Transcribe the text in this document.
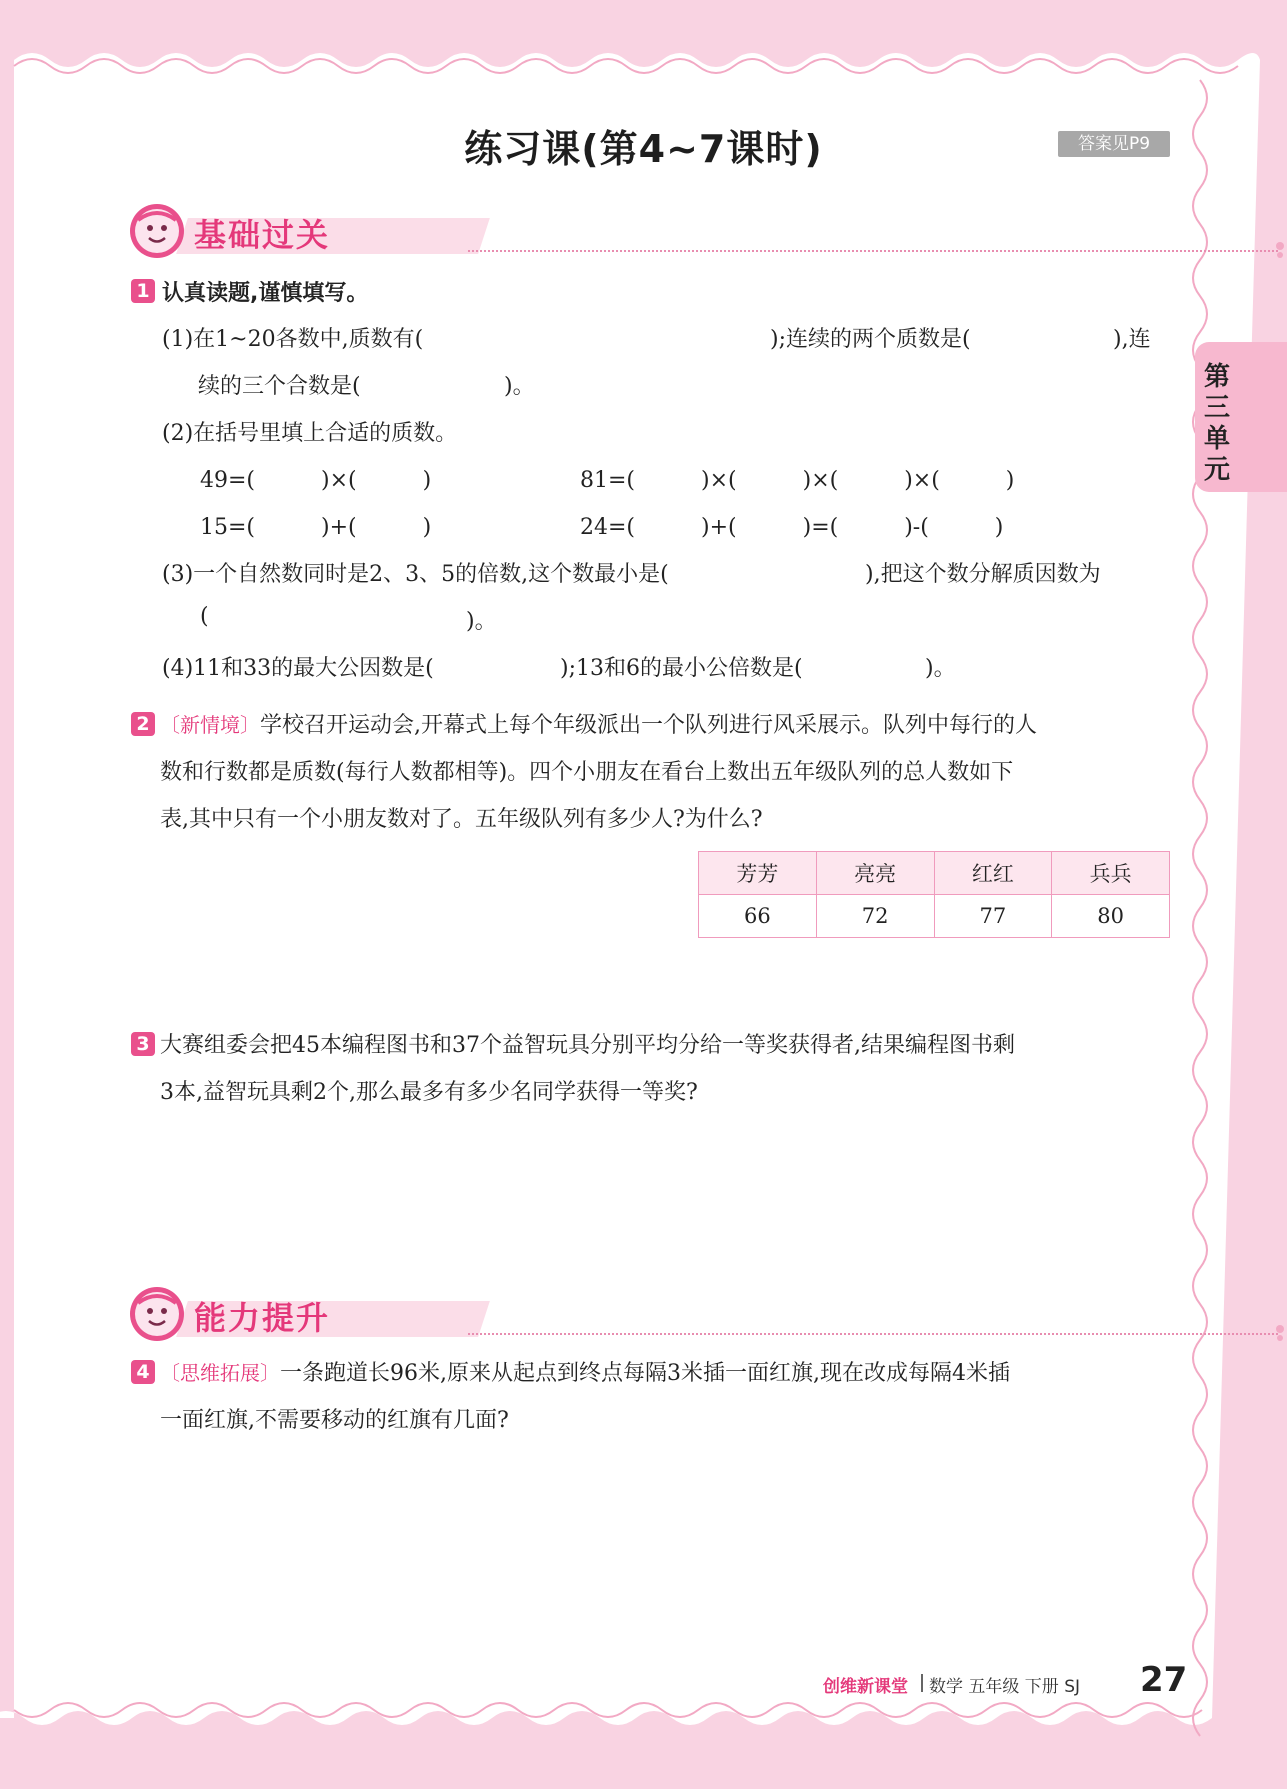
练习课(第4~7课时)	答案见P9
第三单元
基础过关
1 认真读题,谨慎填写。
(1)在1~20各数中,质数有(	);连续的两个质数是(	),连
续的三个合数是(	)。
(2)在括号里填上合适的质数。
49=(　　　)×(　　　)	81=(　　　)×(　　　)×(　　　)×(　　　)
15=(　　　)+(　　　)	24=(　　　)+(　　　)=(　　　)-(　　　)
(3)一个自然数同时是2、3、5的倍数,这个数最小是(	),把这个数分解质因数为
(	)。
(4)11和33的最大公因数是(	);13和6的最小公倍数是(	)。
2 〔新情境〕学校召开运动会,开幕式上每个年级派出一个队列进行风采展示。队列中每行的人
数和行数都是质数(每行人数都相等)。四个小朋友在看台上数出五年级队列的总人数如下
表,其中只有一个小朋友数对了。五年级队列有多少人?为什么?
芳芳	亮亮	红红	兵兵
66	72	77	80
3 大赛组委会把45本编程图书和37个益智玩具分别平均分给一等奖获得者,结果编程图书剩
3本,益智玩具剩2个,那么最多有多少名同学获得一等奖?
能力提升
4 〔思维拓展〕一条跑道长96米,原来从起点到终点每隔3米插一面红旗,现在改成每隔4米插
一面红旗,不需要移动的红旗有几面?
创维新课堂 数学 五年级 下册 SJ 27
